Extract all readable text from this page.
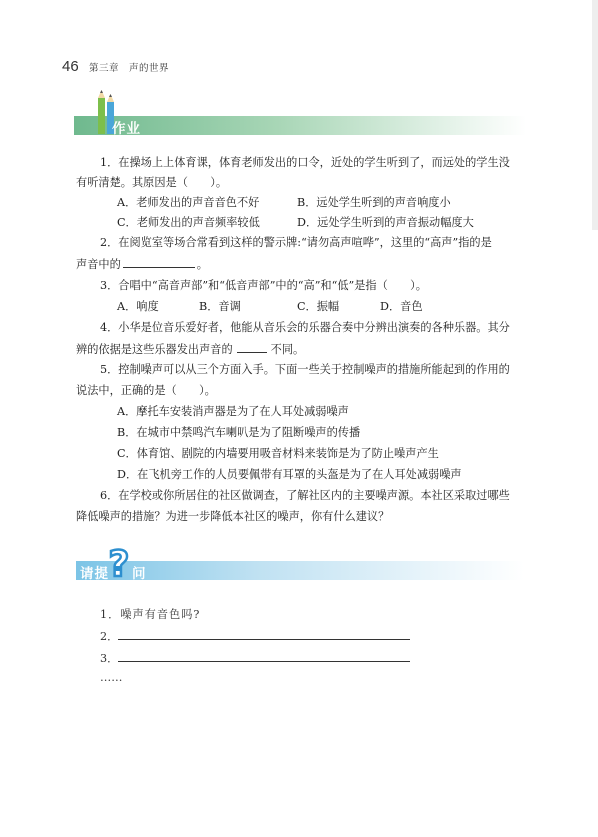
46 第三章　声的世界
作业
1．在操场上上体育课，体育老师发出的口令，近处的学生听到了，而远处的学生没
有听清楚。其原因是（　　）。
A．老师发出的声音音色不好	B．远处学生听到的声音响度小
C．老师发出的声音频率较低	D．远处学生听到的声音振动幅度大
2．在阅览室等场合常看到这样的警示牌:“请勿高声喧哗”，这里的“高声”指的是
声音中的	。
3．合唱中“高音声部”和“低音声部”中的“高”和“低”是指（　　）。
A．响度	B．音调	C．振幅	D．音色
4．小华是位音乐爱好者，他能从音乐会的乐器合奏中分辨出演奏的各种乐器。其分
辨的依据是这些乐器发出声音的	不同。
5．控制噪声可以从三个方面入手。下面一些关于控制噪声的措施所能起到的作用的
说法中，正确的是（　　）。
A．摩托车安装消声器是为了在人耳处减弱噪声
B．在城市中禁鸣汽车喇叭是为了阻断噪声的传播
C．体育馆、剧院的内墙要用吸音材料来装饰是为了防止噪声产生
D．在飞机旁工作的人员要佩带有耳罩的头盔是为了在人耳处减弱噪声
6．在学校或你所居住的社区做调查，了解社区内的主要噪声源。本社区采取过哪些
降低噪声的措施？为进一步降低本社区的噪声，你有什么建议？
请提 ? 问
1．噪声有音色吗?
2．
3．
……
